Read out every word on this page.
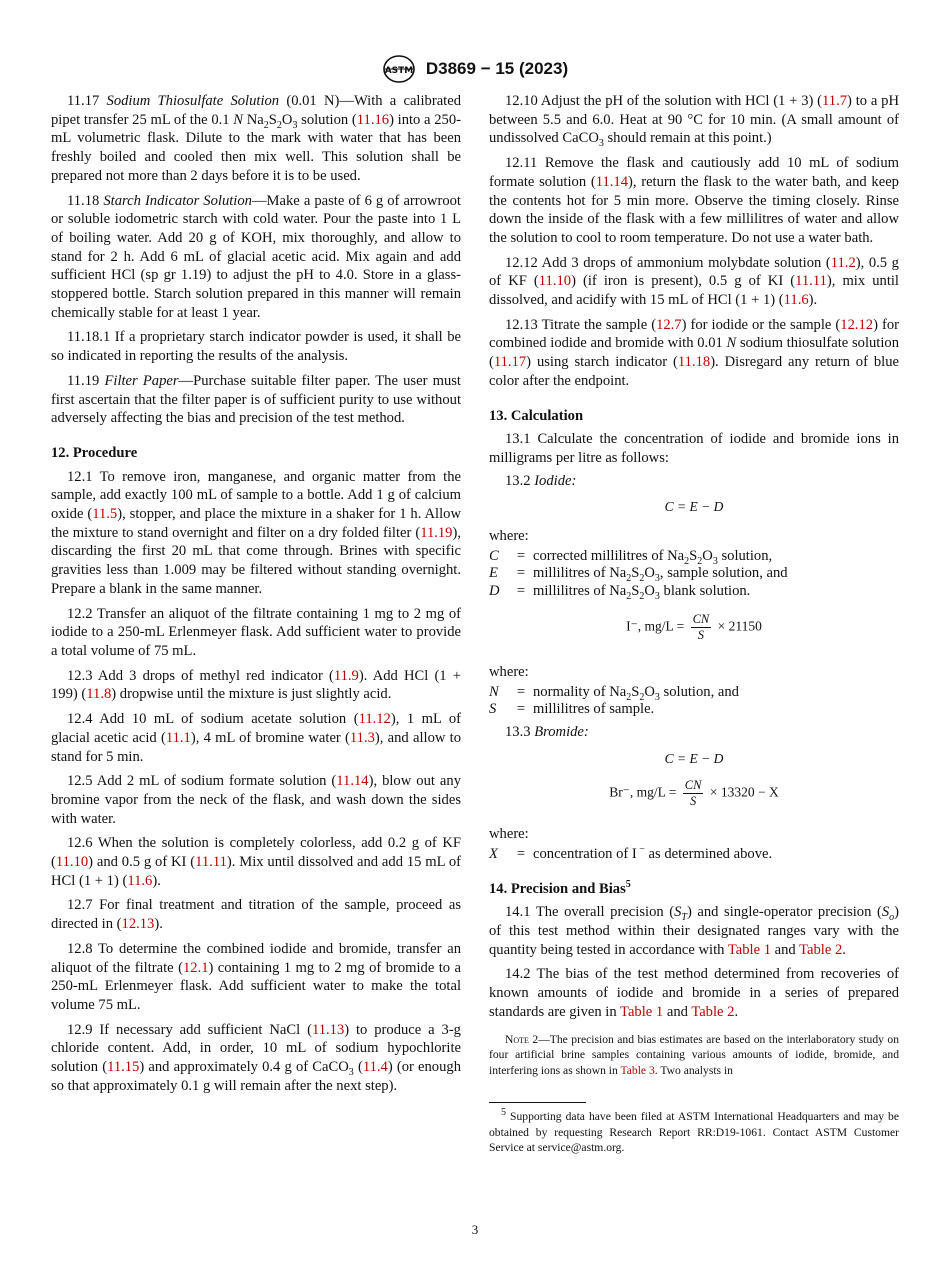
ASTM D3869 − 15 (2023)

11.17 Sodium Thiosulfate Solution (0.01 N)—With a calibrated pipet transfer 25 mL of the 0.1 N $Na_2S_2O_3$ solution (11.16) into a 250-mL volumetric flask. Dilute to the mark with water that has been freshly boiled and cooled then mix well. This solution shall be prepared not more than 2 days before it is to be used.

11.18 Starch Indicator Solution—Make a paste of 6 g of arrowroot or soluble iodometric starch with cold water. Pour the paste into 1 L of boiling water. Add 20 g of KOH, mix thoroughly, and allow to stand for 2 h. Add 6 mL of glacial acetic acid. Mix again and add sufficient HCl (sp gr 1.19) to adjust the pH to 4.0. Store in a glass-stoppered bottle. Starch solution prepared in this manner will remain chemically stable for at least 1 year.

11.18.1 If a proprietary starch indicator powder is used, it shall be so indicated in reporting the results of the analysis.

11.19 Filter Paper—Purchase suitable filter paper. The user must first ascertain that the filter paper is of sufficient purity to use without adversely affecting the bias and precision of the test method.

12. Procedure

12.1 To remove iron, manganese, and organic matter from the sample, add exactly 100 mL of sample to a bottle. Add 1 g of calcium oxide (11.5), stopper, and place the mixture in a shaker for 1 h. Allow the mixture to stand overnight and filter on a dry folded filter (11.19), discarding the first 20 mL that come through. Brines with specific gravities less than 1.009 may be filtered without standing overnight. Prepare a blank in the same manner.

12.2 Transfer an aliquot of the filtrate containing 1 mg to 2 mg of iodide to a 250-mL Erlenmeyer flask. Add sufficient water to provide a total volume of 75 mL.

12.3 Add 3 drops of methyl red indicator (11.9). Add HCl (1 + 199) (11.8) dropwise until the mixture is just slightly acid.

12.4 Add 10 mL of sodium acetate solution (11.12), 1 mL of glacial acetic acid (11.1), 4 mL of bromine water (11.3), and allow to stand for 5 min.

12.5 Add 2 mL of sodium formate solution (11.14), blow out any bromine vapor from the neck of the flask, and wash down the sides with water.

12.6 When the solution is completely colorless, add 0.2 g of KF (11.10) and 0.5 g of KI (11.11). Mix until dissolved and add 15 mL of HCl (1 + 1) (11.6).

12.7 For final treatment and titration of the sample, proceed as directed in (12.13).

12.8 To determine the combined iodide and bromide, transfer an aliquot of the filtrate (12.1) containing 1 mg to 2 mg of bromide to a 250-mL Erlenmeyer flask. Add sufficient water to make the total volume 75 mL.

12.9 If necessary add sufficient NaCl (11.13) to produce a 3-g chloride content. Add, in order, 10 mL of sodium hypochlorite solution (11.15) and approximately 0.4 g of CaCO$_3$ (11.4) (or enough so that approximately 0.1 g will remain after the next step).

12.10 Adjust the pH of the solution with HCl (1 + 3) (11.7) to a pH between 5.5 and 6.0. Heat at 90 °C for 10 min. (A small amount of undissolved CaCO$_3$ should remain at this point.)

12.11 Remove the flask and cautiously add 10 mL of sodium formate solution (11.14), return the flask to the water bath, and keep the contents hot for 5 min more. Observe the timing closely. Rinse down the inside of the flask with a few millilitres of water and allow the solution to cool to room temperature. Do not use a water bath.

12.12 Add 3 drops of ammonium molybdate solution (11.2), 0.5 g of KF (11.10) (if iron is present), 0.5 g of KI (11.11), mix until dissolved, and acidify with 15 mL of HCl (1 + 1) (11.6).

12.13 Titrate the sample (12.7) for iodide or the sample (12.12) for combined iodide and bromide with 0.01 N sodium thiosulfate solution (11.17) using starch indicator (11.18). Disregard any return of blue color after the endpoint.

13. Calculation

13.1 Calculate the concentration of iodide and bromide ions in milligrams per litre as follows:

13.2 Iodide:

C = E − D
where:
C	= corrected millilitres of $Na_2S_2O_3$ solution,
E	= millilitres of $Na_2S_2O_3$, sample solution, and
D	= millilitres of $Na_2S_2O_3$ blank solution.
I⁻, $mg/L = \frac{CN}{S} \times 21150$
where:
N	= normality of $Na_2S_2O_3$ solution, and
S	= millilitres of sample.

13.3 Bromide:

C = E − D
Br⁻, $mg/L = \frac{CN}{S} \times 13320 - X$
where:
X	= concentration of I − as determined above.
14. Precision and Bias$^5$

14.1 The overall precision $(S_T)$ and single-operator precision $(S_o)$ of this test method within their designated ranges vary with the quantity being tested in accordance with Table 1 and Table 2.

14.2 The bias of the test method determined from recoveries of known amounts of iodide and bromide in a series of prepared standards are given in Table 1 and Table 2.

Note 2—The precision and bias estimates are based on the interlaboratory study on four artificial brine samples containing various amounts of iodide, bromide, and interfering ions as shown in Table 3. Two analysts in
$^5$ Supporting data have been filed at ASTM International Headquarters and may be obtained by requesting Research Report RR:D19-1061. Contact ASTM Customer Service at service@astm.org.
3
